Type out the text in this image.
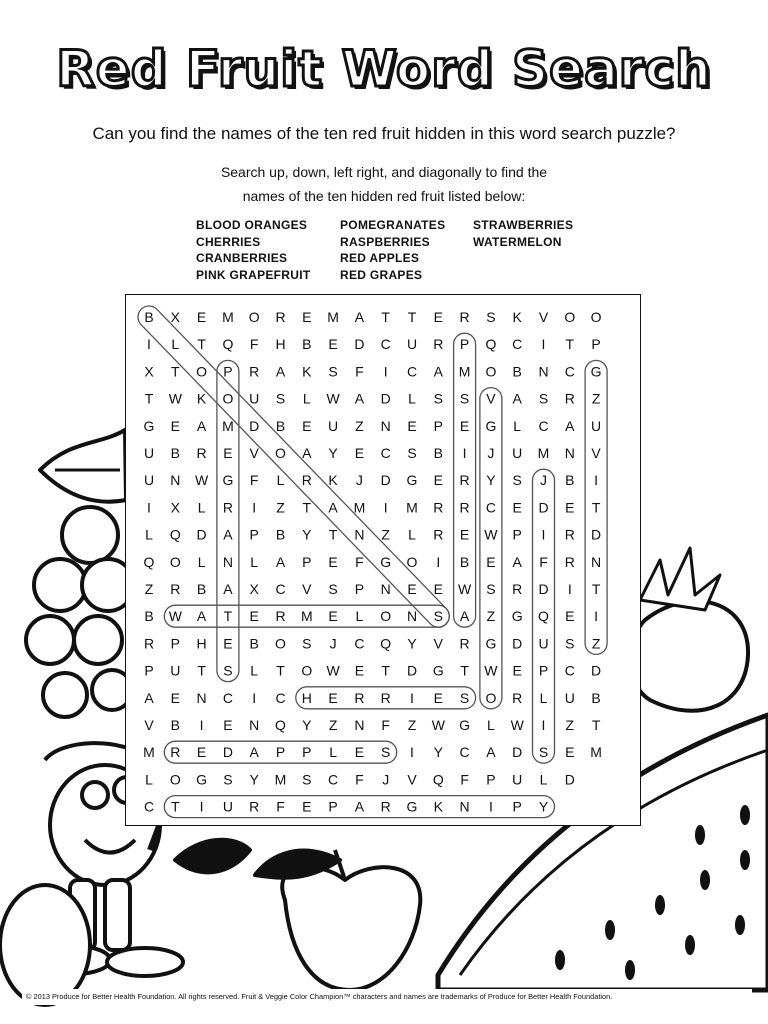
Red Fruit Word Search
Can you find the names of the ten red fruit hidden in this word search puzzle?
Search up, down, left right, and diagonally to find the
names of the ten hidden red fruit listed below:
BLOOD ORANGES
CHERRIES
CRANBERRIES
PINK GRAPEFRUIT
POMEGRANATES
RASPBERRIES
RED APPLES
RED GRAPES
STRAWBERRIES
WATERMELON
B X E M O R E M A T T E R S K V O O
I L T Q F H B E D C U R P Q C I T P
X T O P R A K S F I C A M O B N C G
T W K O U S L W A D L S S V A S R Z
G E A M D B E U Z N E P E G L C A U
U B R E V O A Y E C S B I J U M N V
U N W G F L R K J D G E R Y S J B I
I X L R I Z T A M I M R R C E D E T
L Q D A P B Y T N Z L R E W P I R D
Q O L N L A P E F G O I B E A F R N
Z R B A X C V S P N E E W S R D I T
B W A T E R M E L O N S A Z G Q E I
R P H E B O S J C Q Y V R G D U S Z
P U T S L T O W E T D G T W E P C D
A E N C I C H E R R I E S O R L U B
V B I E N Q Y Z N F Z W G L W I Z T
M R E D A P P L E S I Y C A D S E M
L O G S Y M S C F J V Q F P U L D
C T I U R F E P A R G K N I P Y
© 2013 Produce for Better Health Foundation. All rights reserved. Fruit & Veggie Color Champion™ characters and names are trademarks of Produce for Better Health Foundation.
